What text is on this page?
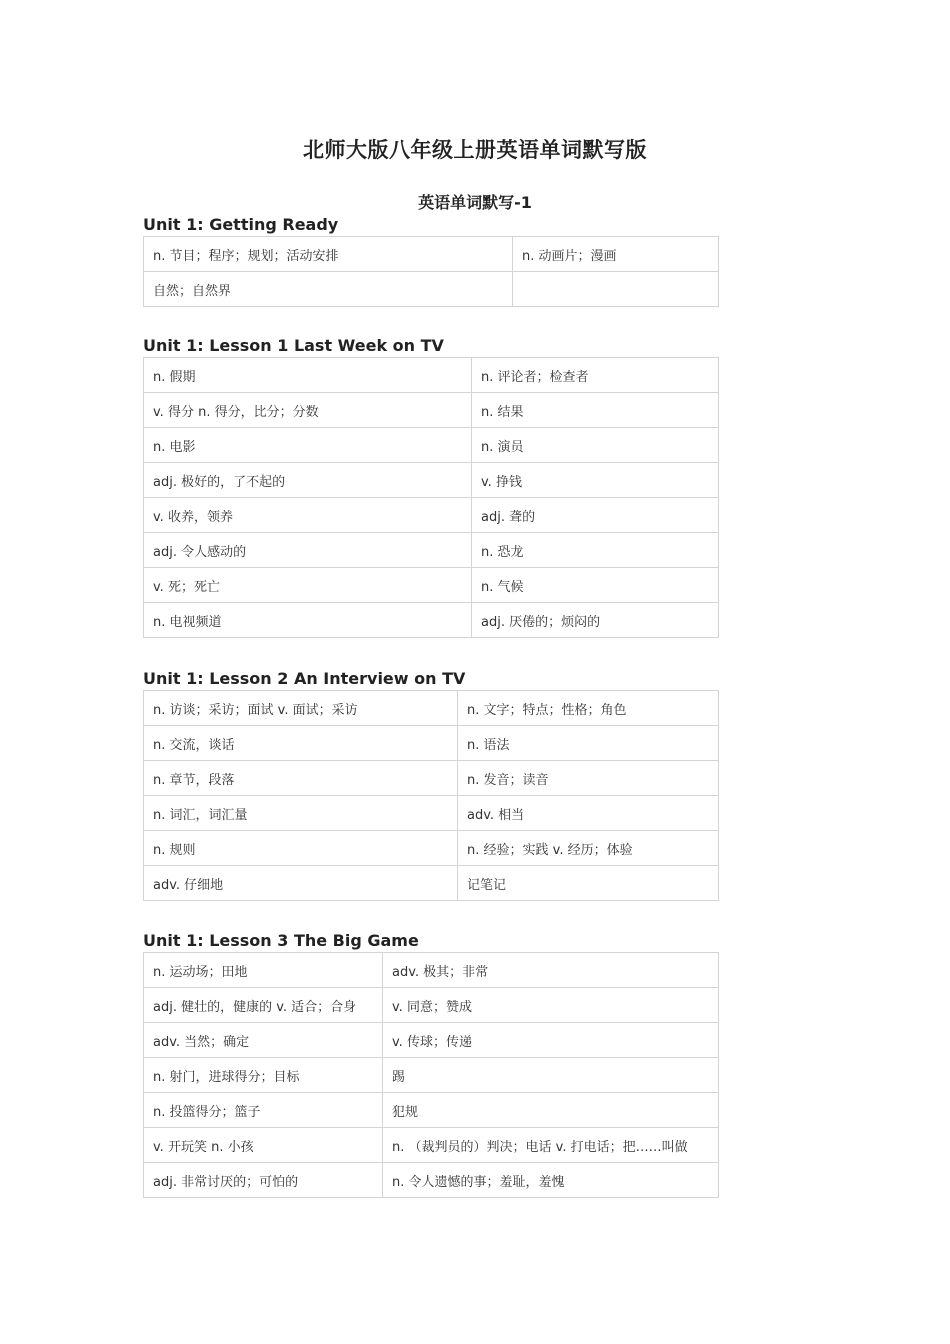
北师大版八年级上册英语单词默写版
英语单词默写-1
Unit 1: Getting Ready
n. 节目；程序；规划；活动安排	n. 动画片；漫画
自然；自然界	
Unit 1: Lesson 1 Last Week on TV
n. 假期	n. 评论者；检查者
v. 得分 n. 得分，比分；分数	n. 结果
n. 电影	n. 演员
adj. 极好的，了不起的	v. 挣钱
v. 收养，领养	adj. 聋的
adj. 令人感动的	n. 恐龙
v. 死；死亡	n. 气候
n. 电视频道	adj. 厌倦的；烦闷的
Unit 1: Lesson 2 An Interview on TV
n. 访谈；采访；面试 v. 面试；采访	n. 文字；特点；性格；角色
n. 交流，谈话	n. 语法
n. 章节，段落	n. 发音；读音
n. 词汇，词汇量	adv. 相当
n. 规则	n. 经验；实践 v. 经历；体验
adv. 仔细地	记笔记
Unit 1: Lesson 3 The Big Game
n. 运动场；田地	adv. 极其；非常
adj. 健壮的，健康的 v. 适合；合身	v. 同意；赞成
adv. 当然；确定	v. 传球；传递
n. 射门，进球得分；目标	踢
n. 投篮得分；篮子	犯规
v. 开玩笑 n. 小孩	n. （裁判员的）判决；电话 v. 打电话；把……叫做
adj. 非常讨厌的；可怕的	n. 令人遗憾的事；羞耻，羞愧
